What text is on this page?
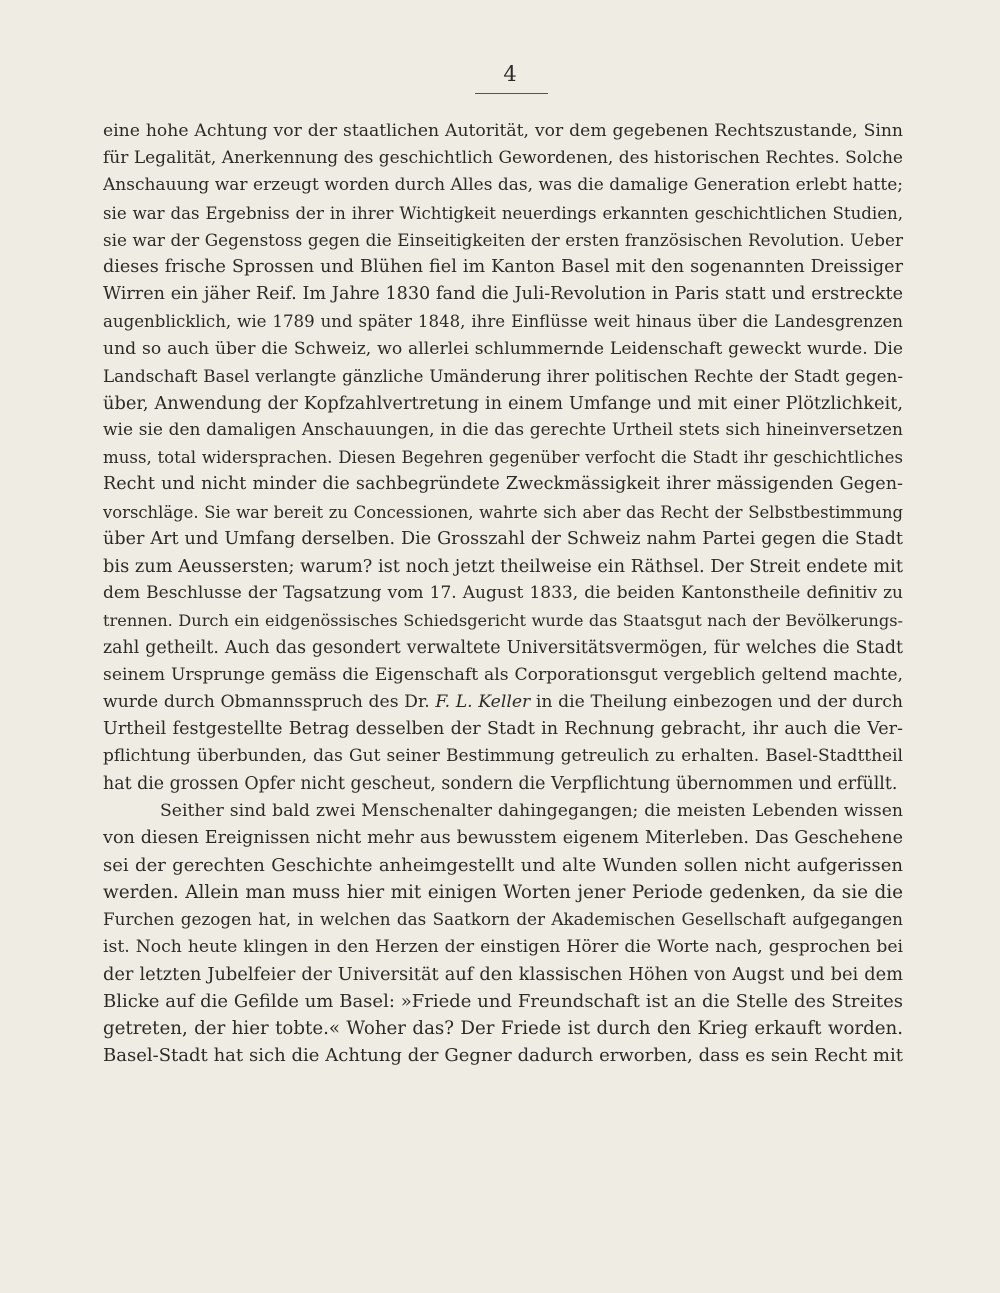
4
eine hohe Achtung vor der staatlichen Autorität, vor dem gegebenen Rechtszustande, Sinn
für Legalität, Anerkennung des geschichtlich Gewordenen, des historischen Rechtes. Solche
Anschauung war erzeugt worden durch Alles das, was die damalige Generation erlebt hatte;
sie war das Ergebniss der in ihrer Wichtigkeit neuerdings erkannten geschichtlichen Studien,
sie war der Gegenstoss gegen die Einseitigkeiten der ersten französischen Revolution. Ueber
dieses frische Sprossen und Blühen fiel im Kanton Basel mit den sogenannten Dreissiger
Wirren ein jäher Reif. Im Jahre 1830 fand die Juli-Revolution in Paris statt und erstreckte
augenblicklich, wie 1789 und später 1848, ihre Einflüsse weit hinaus über die Landesgrenzen
und so auch über die Schweiz, wo allerlei schlummernde Leidenschaft geweckt wurde. Die
Landschaft Basel verlangte gänzliche Umänderung ihrer politischen Rechte der Stadt gegen-
über, Anwendung der Kopfzahlvertretung in einem Umfange und mit einer Plötzlichkeit,
wie sie den damaligen Anschauungen, in die das gerechte Urtheil stets sich hineinversetzen
muss, total widersprachen. Diesen Begehren gegenüber verfocht die Stadt ihr geschichtliches
Recht und nicht minder die sachbegründete Zweckmässigkeit ihrer mässigenden Gegen-
vorschläge. Sie war bereit zu Concessionen, wahrte sich aber das Recht der Selbstbestimmung
über Art und Umfang derselben. Die Grosszahl der Schweiz nahm Partei gegen die Stadt
bis zum Aeussersten; warum? ist noch jetzt theilweise ein Räthsel. Der Streit endete mit
dem Beschlusse der Tagsatzung vom 17. August 1833, die beiden Kantonstheile definitiv zu
trennen. Durch ein eidgenössisches Schiedsgericht wurde das Staatsgut nach der Bevölkerungs-
zahl getheilt. Auch das gesondert verwaltete Universitätsvermögen, für welches die Stadt
seinem Ursprunge gemäss die Eigenschaft als Corporationsgut vergeblich geltend machte,
wurde durch Obmannsspruch des Dr. F. L. Keller in die Theilung einbezogen und der durch
Urtheil festgestellte Betrag desselben der Stadt in Rechnung gebracht, ihr auch die Ver-
pflichtung überbunden, das Gut seiner Bestimmung getreulich zu erhalten. Basel-Stadttheil
hat die grossen Opfer nicht gescheut, sondern die Verpflichtung übernommen und erfüllt.
Seither sind bald zwei Menschenalter dahingegangen; die meisten Lebenden wissen
von diesen Ereignissen nicht mehr aus bewusstem eigenem Miterleben. Das Geschehene
sei der gerechten Geschichte anheimgestellt und alte Wunden sollen nicht aufgerissen
werden. Allein man muss hier mit einigen Worten jener Periode gedenken, da sie die
Furchen gezogen hat, in welchen das Saatkorn der Akademischen Gesellschaft aufgegangen
ist. Noch heute klingen in den Herzen der einstigen Hörer die Worte nach, gesprochen bei
der letzten Jubelfeier der Universität auf den klassischen Höhen von Augst und bei dem
Blicke auf die Gefilde um Basel: »Friede und Freundschaft ist an die Stelle des Streites
getreten, der hier tobte.« Woher das? Der Friede ist durch den Krieg erkauft worden.
Basel-Stadt hat sich die Achtung der Gegner dadurch erworben, dass es sein Recht mit
